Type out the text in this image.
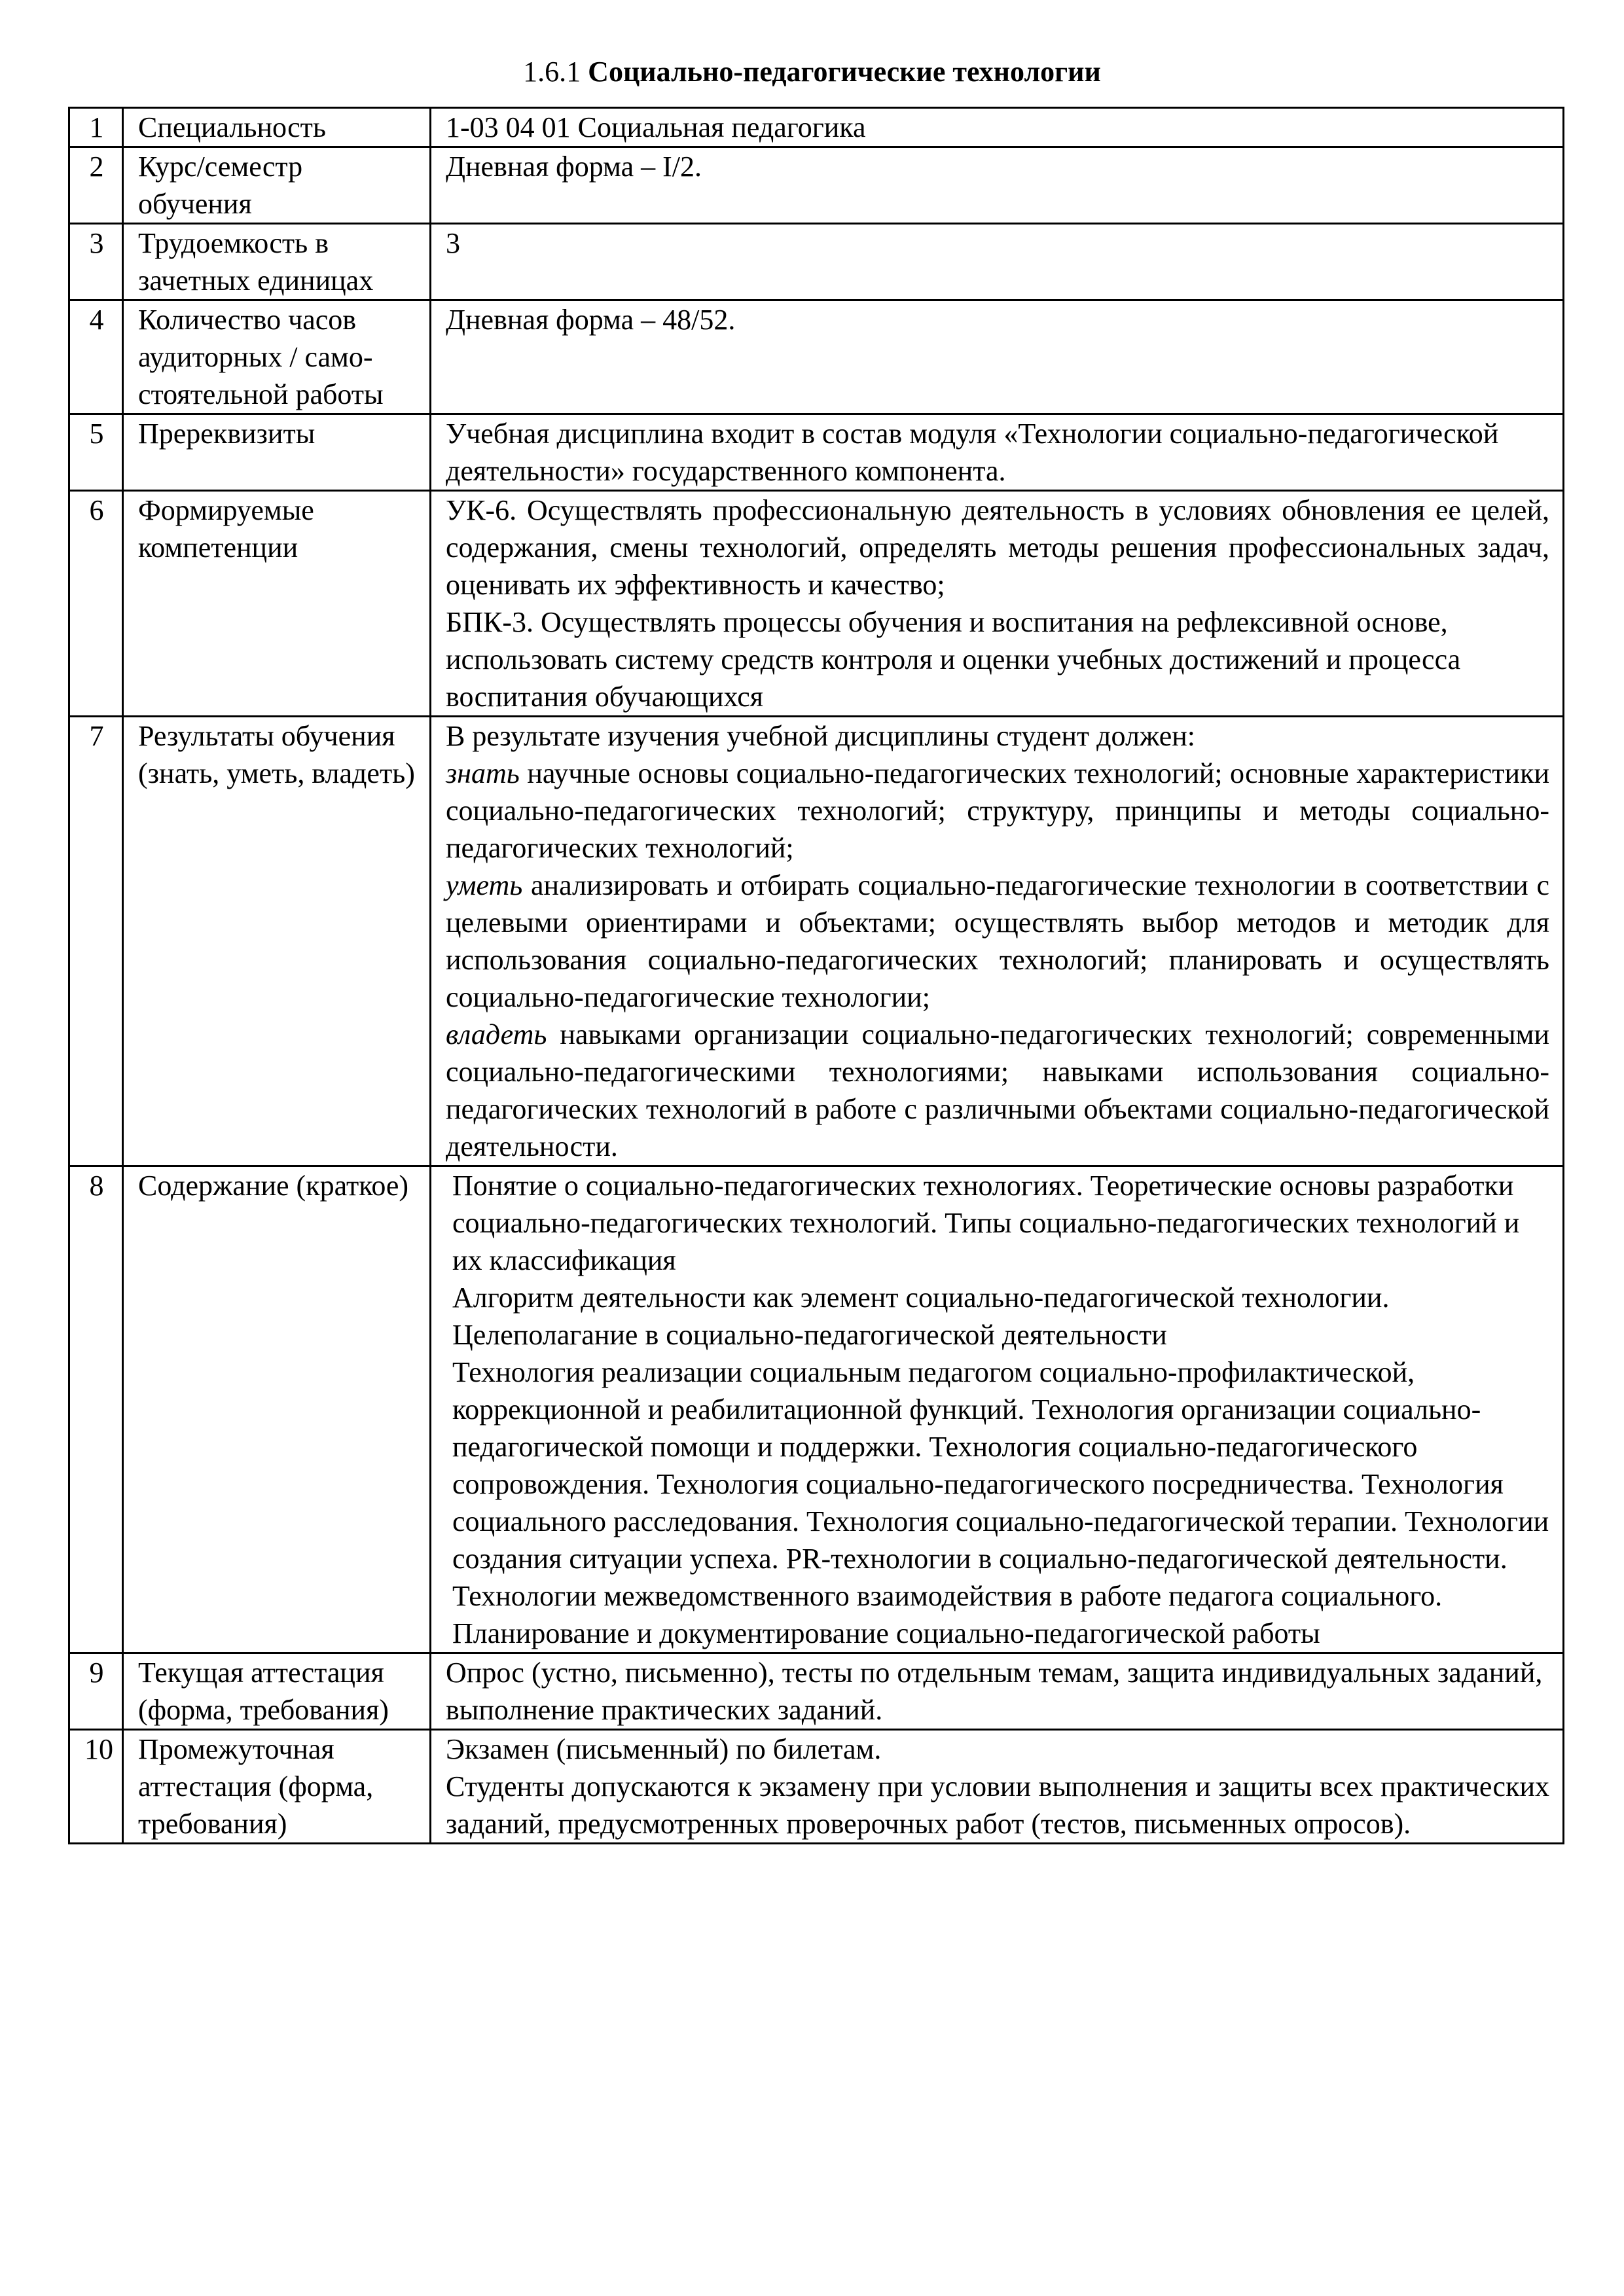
1.6.1 Социально-педагогические технологии
1	Специальность	1-03 04 01 Социальная педагогика
2	Курс/семестр обучения	Дневная форма – I/2.
3	Трудоемкость в зачетных единицах	3
4	Количество часов аудиторных / самостоятельной работы	Дневная форма – 48/52.
5	Пререквизиты	Учебная дисциплина входит в состав модуля «Технологии социально-педагогической деятельности» государственного компонента.
6	Формируемые компетенции	УК-6. Осуществлять профессиональную деятельность в условиях обновления ее целей, содержания, смены технологий, определять методы решения профессиональных задач, оценивать их эффективность и качество;
БПК-3. Осуществлять процессы обучения и воспитания на рефлексивной основе, использовать систему средств контроля и оценки учебных достижений и процесса воспитания обучающихся

7	Результаты обучения (знать, уметь, владеть)	В результате изучения учебной дисциплины студент должен:
знать научные основы социально-педагогических технологий; основные характеристики социально-педагогических технологий; структуру, принципы и методы социально-педагогических технологий;
уметь анализировать и отбирать социально-педагогические технологии в соответствии с целевыми ориентирами и объектами; осуществлять выбор методов и методик для использования социально-педагогических технологий; планировать и осуществлять социально-педагогические технологии;
владеть навыками организации социально-педагогических технологий; современными социально-педагогическими технологиями; навыками использования социально-педагогических технологий в работе с различными объектами социально-педагогической деятельности.

8	Содержание (краткое)	Понятие о социально-педагогических технологиях. Теоретические основы разработки социально-педагогических технологий. Типы социально-педагогических технологий и их классификация
Алгоритм деятельности как элемент социально-педагогической технологии. Целеполагание в социально-педагогической деятельности
Технология реализации социальным педагогом социально-профилактической, коррекционной и реабилитационной функций. Технология организации социально-педагогической помощи и поддержки. Технология социально-педагогического сопровождения. Технология социально-педагогического посредничества. Технология социального расследования. Технология социально-педагогической терапии. Технологии создания ситуации успеха. PR-технологии в социально-педагогической деятельности. Технологии межведомственного взаимодействия в работе педагога социального.
Планирование и документирование социально-педагогической работы

9	Текущая аттестация (форма, требования)	Опрос (устно, письменно), тесты по отдельным темам, защита индивидуальных заданий, выполнение практических заданий.
10	Промежуточная аттестация (форма, требования)	Экзамен (письменный) по билетам.
Студенты допускаются к экзамену при условии выполнения и защиты всех практических заданий, предусмотренных проверочных работ (тестов, письменных опросов).
